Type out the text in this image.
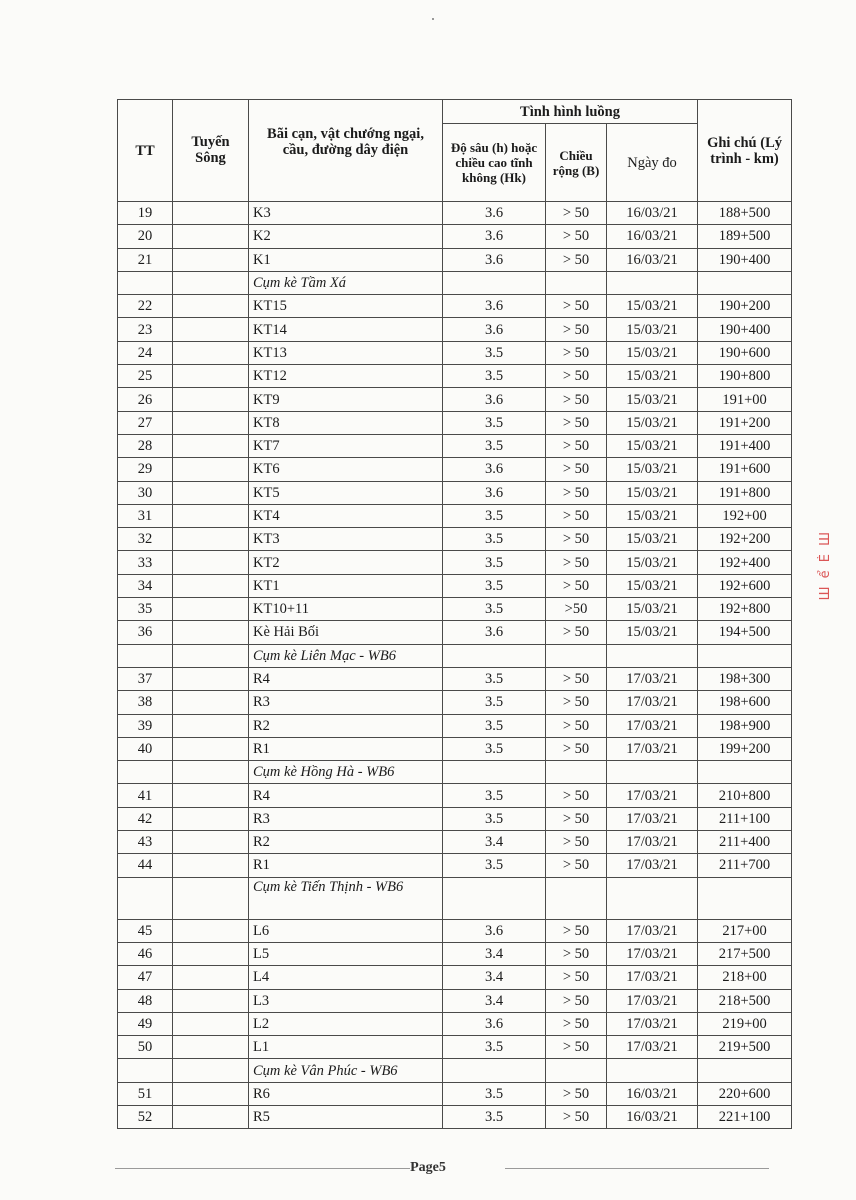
TT	Tuyến Sông	Bãi cạn, vật chướng ngại, cầu, đường dây điện	Tình hình luồng			Ghi chú (Lý trình - km)
			Độ sâu (h) hoặc chiều cao tĩnh không (Hk)	Chiều rộng (B)	Ngày đo	
19		K3	3.6	> 50	16/03/21	188+500
20		K2	3.6	> 50	16/03/21	189+500
21		K1	3.6	> 50	16/03/21	190+400
		Cụm kè Tầm Xá				
22		KT15	3.6	> 50	15/03/21	190+200
23		KT14	3.6	> 50	15/03/21	190+400
24		KT13	3.5	> 50	15/03/21	190+600
25		KT12	3.5	> 50	15/03/21	190+800
26		KT9	3.6	> 50	15/03/21	191+00
27		KT8	3.5	> 50	15/03/21	191+200
28		KT7	3.5	> 50	15/03/21	191+400
29		KT6	3.6	> 50	15/03/21	191+600
30		KT5	3.6	> 50	15/03/21	191+800
31		KT4	3.5	> 50	15/03/21	192+00
32		KT3	3.5	> 50	15/03/21	192+200
33		KT2	3.5	> 50	15/03/21	192+400
34		KT1	3.5	> 50	15/03/21	192+600
35		KT10+11	3.5	>50	15/03/21	192+800
36		Kè Hải Bối	3.6	> 50	15/03/21	194+500
		Cụm kè Liên Mạc - WB6				
37		R4	3.5	> 50	17/03/21	198+300
38		R3	3.5	> 50	17/03/21	198+600
39		R2	3.5	> 50	17/03/21	198+900
40		R1	3.5	> 50	17/03/21	199+200
		Cụm kè Hồng Hà - WB6				
41		R4	3.5	> 50	17/03/21	210+800
42		R3	3.5	> 50	17/03/21	211+100
43		R2	3.4	> 50	17/03/21	211+400
44		R1	3.5	> 50	17/03/21	211+700
		Cụm kè Tiến Thịnh - WB6				
45		L6	3.6	> 50	17/03/21	217+00
46		L5	3.4	> 50	17/03/21	217+500
47		L4	3.4	> 50	17/03/21	218+00
48		L3	3.4	> 50	17/03/21	218+500
49		L2	3.6	> 50	17/03/21	219+00
50		L1	3.5	> 50	17/03/21	219+500
		Cụm kè Vân Phúc - WB6				
51		R6	3.5	> 50	16/03/21	220+600
52		R5	3.5	> 50	16/03/21	221+100
Page5
Ш ể Ѐ Ш
